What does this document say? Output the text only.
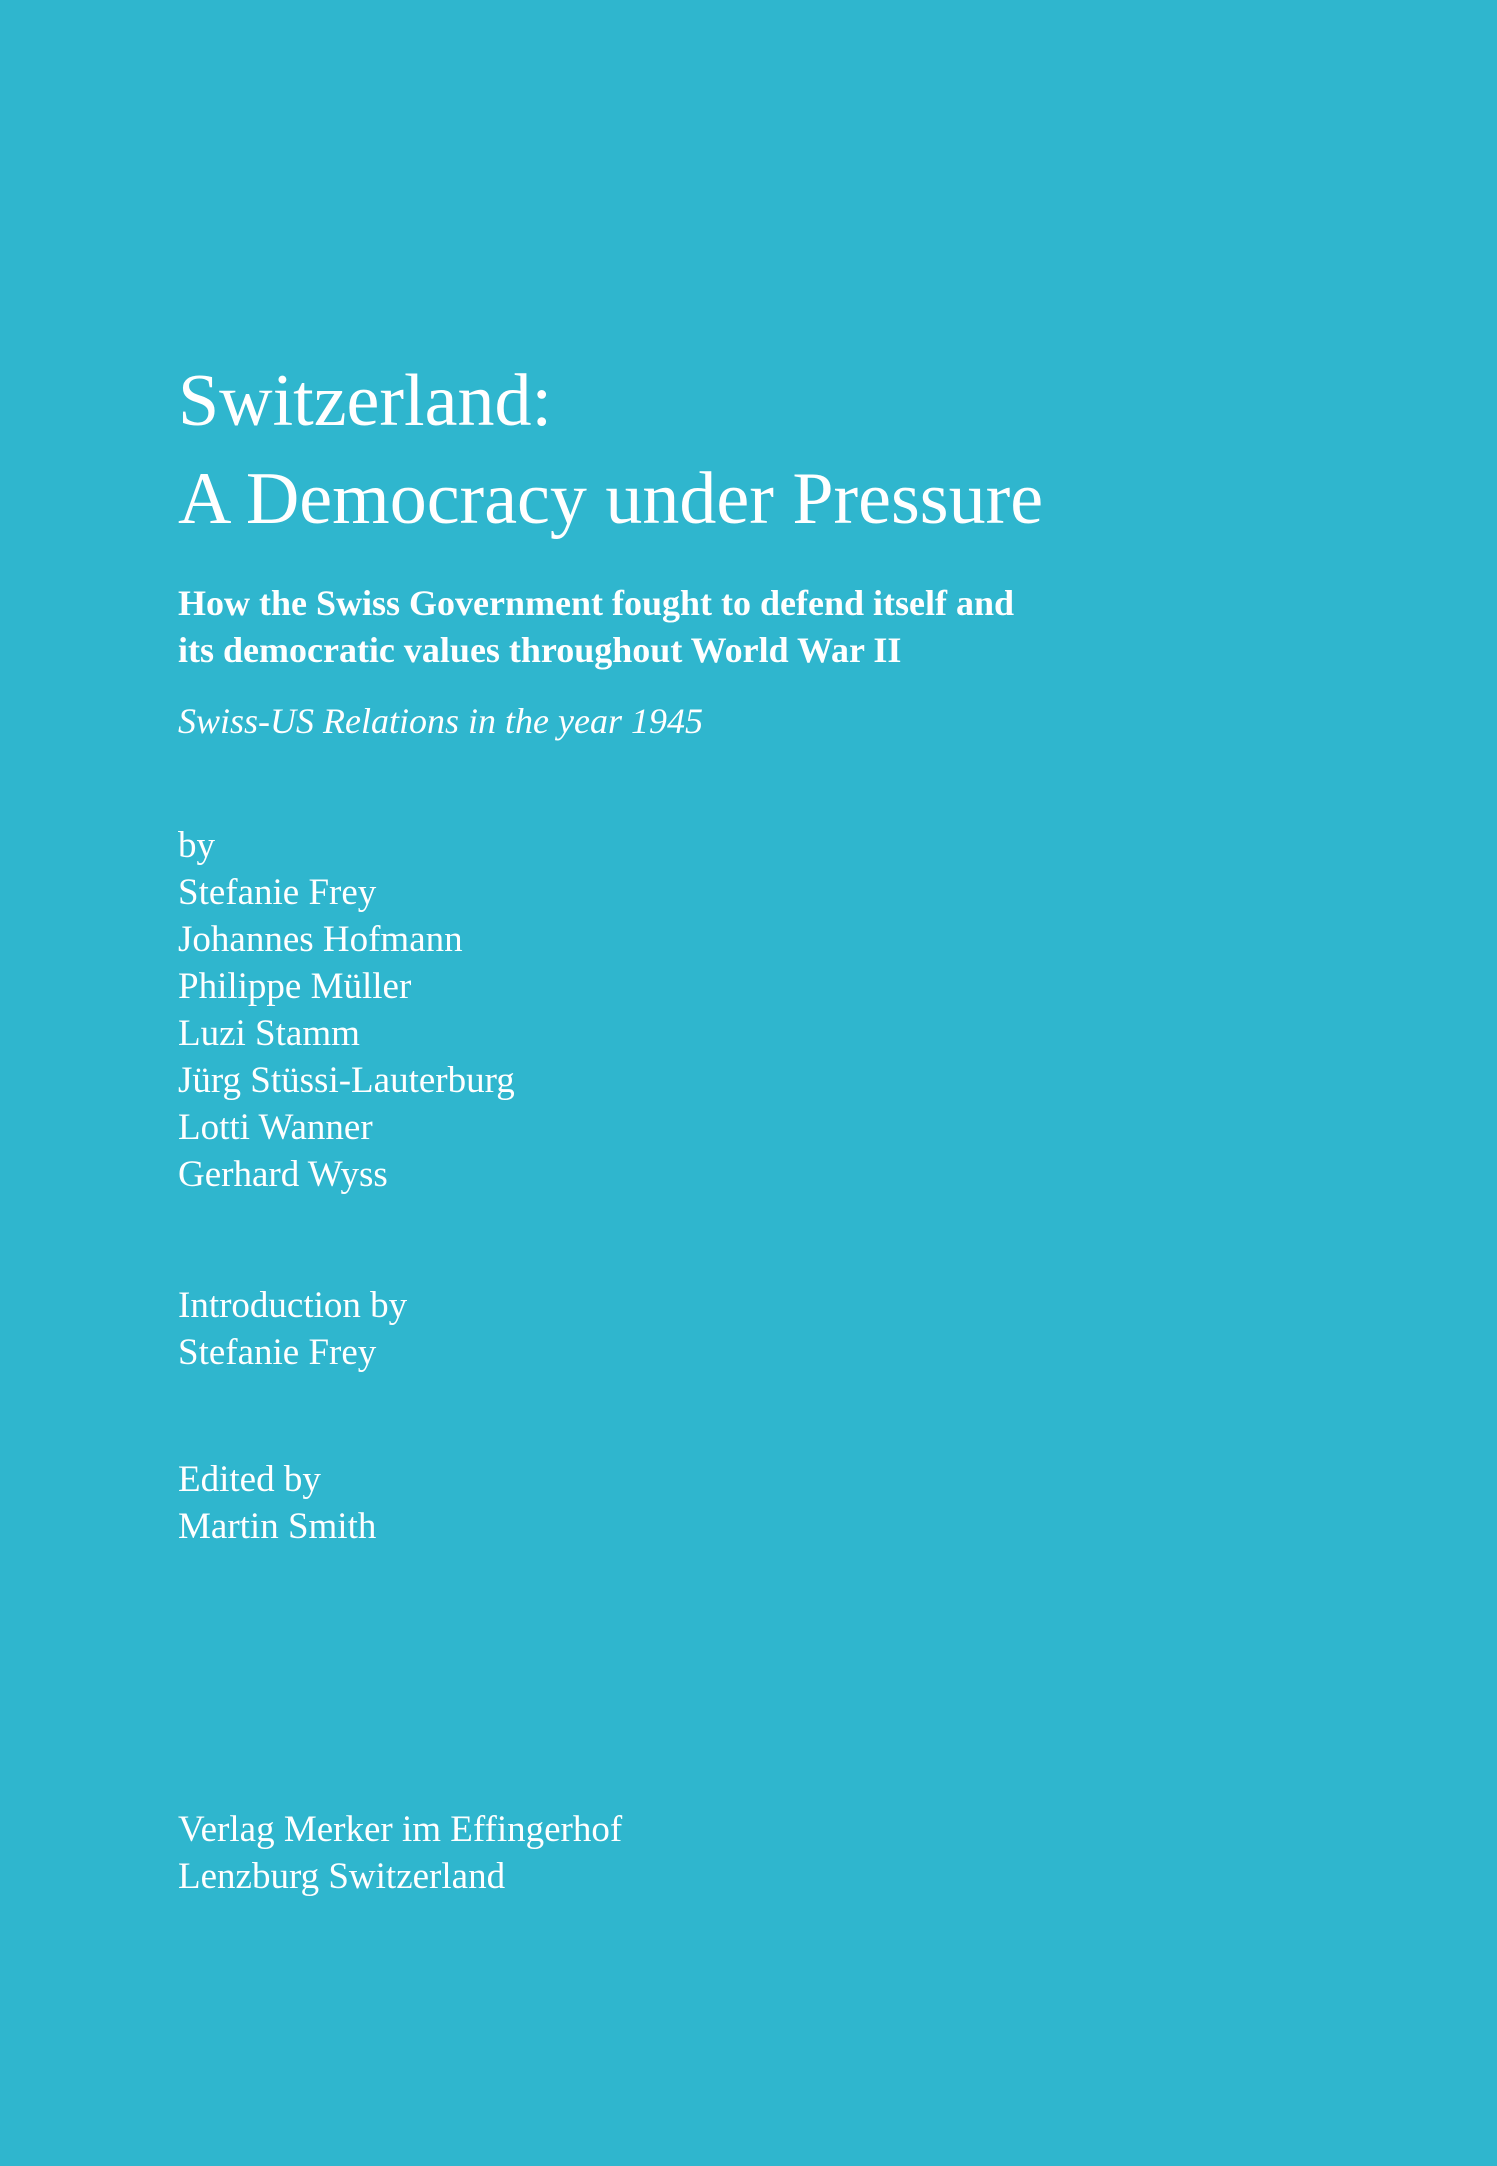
Switzerland:
A Democracy under Pressure
How the Swiss Government fought to defend itself and
its democratic values throughout World War II
Swiss-US Relations in the year 1945
by
Stefanie Frey
Johannes Hofmann
Philippe Müller
Luzi Stamm
Jürg Stüssi-Lauterburg
Lotti Wanner
Gerhard Wyss
Introduction by
Stefanie Frey
Edited by
Martin Smith
Verlag Merker im Effingerhof
Lenzburg Switzerland
